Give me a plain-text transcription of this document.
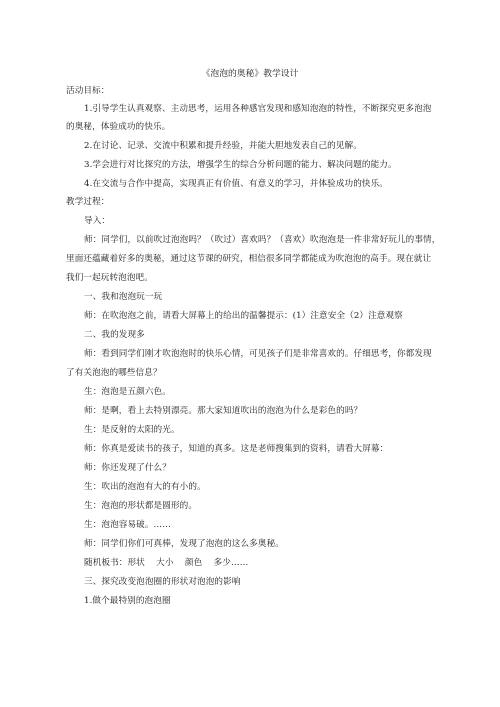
《泡泡的奥秘》教学设计
活动目标：
1.引导学生认真观察、主动思考，运用各种感官发现和感知泡泡的特性，不断探究更多泡泡
的奥秘，体验成功的快乐。
2.在讨论、记录、交流中积累和提升经验，并能大胆地发表自己的见解。
3.学会进行对比探究的方法，增强学生的综合分析问题的能力、解决问题的能力。
4.在交流与合作中提高，实现真正有价值、有意义的学习，并体验成功的快乐。
教学过程：
导入：
师：同学们，以前吹过泡泡吗？（吹过）喜欢吗？（喜欢）吹泡泡是一件非常好玩儿的事情，
里面还蕴藏着好多的奥秘，通过这节课的研究，相信很多同学都能成为吹泡泡的高手。现在就让
我们一起玩转泡泡吧。
一、我和泡泡玩一玩
师：在吹泡泡之前，请看大屏幕上的给出的温馨提示：(1）注意安全（2）注意观察
二、我的发现多
师：看到同学们刚才吹泡泡时的快乐心情，可见孩子们是非常喜欢的。仔细思考，你都发现
了有关泡泡的哪些信息？
生：泡泡是五颜六色。
师：是啊，看上去特别漂亮。那大家知道吹出的泡泡为什么是彩色的吗？
生：是反射的太阳的光。
师：你真是爱读书的孩子，知道的真多。这是老师搜集到的资料，请看大屏幕：
师：你还发现了什么？
生：吹出的泡泡有大的有小的。
生：泡泡的形状都是圆形的。
生：泡泡容易破。……
师：同学们你们可真棒，发现了泡泡的这么多奥秘。
随机板书：形状    大小    颜色    多少……
三、探究改变泡泡圈的形状对泡泡的影响
1.做个最特别的泡泡圈
